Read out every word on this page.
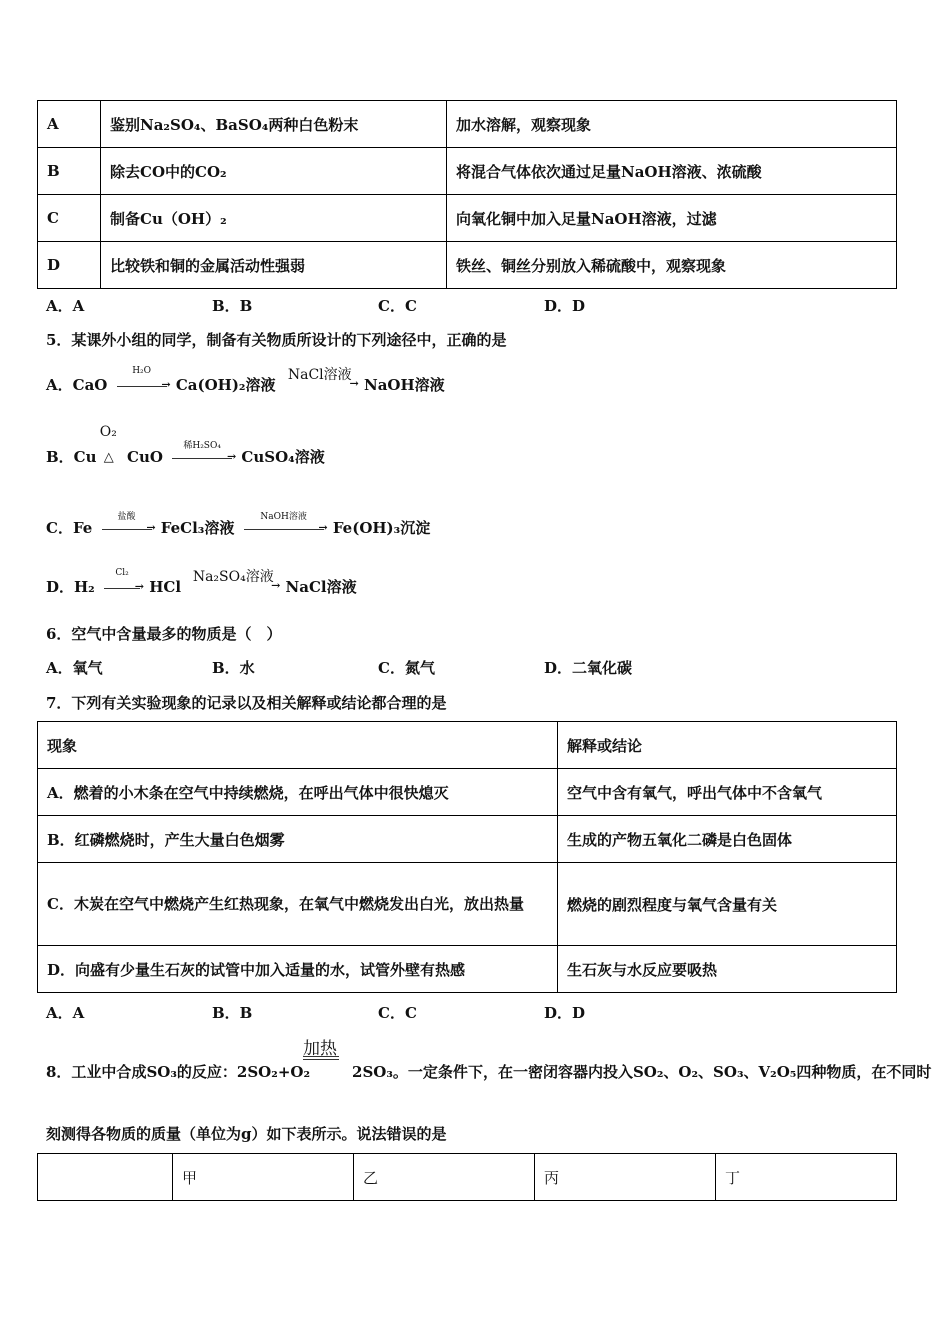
A	鉴别Na₂SO₄、BaSO₄两种白色粉末	加水溶解，观察现象
B	除去CO中的CO₂	将混合气体依次通过足量NaOH溶液、浓硫酸
C	制备Cu（OH）₂	向氧化铜中加入足量NaOH溶液，过滤
D	比较铁和铜的金属活动性强弱	铁丝、铜丝分别放入稀硫酸中，观察现象
A．A	B．B	C．C	D．D
5．某课外小组的同学，制备有关物质所设计的下列途径中，正确的是
A．CaO
H₂O
→
Ca(OH)₂溶液
NaCl溶液
NaOH溶液
B．Cu
O₂
△ CuO
稀H₂SO₄
→
CuSO₄溶液
C．Fe
盐酸
→
FeCl₃溶液
NaOH溶液
→
Fe(OH)₃沉淀
D．H₂
Cl₂
→
HCl
Na₂SO₄溶液
NaCl溶液
6．空气中含量最多的物质是（　）
A．氧气	B．水	C．氮气	D．二氧化碳
7．下列有关实验现象的记录以及相关解释或结论都合理的是
现象	解释或结论
A．燃着的小木条在空气中持续燃烧，在呼出气体中很快熄灭	空气中含有氧气，呼出气体中不含氧气
B．红磷燃烧时，产生大量白色烟雾	生成的产物五氧化二磷是白色固体
C．木炭在空气中燃烧产生红热现象，在氧气中燃烧发出白光，放出热量	燃烧的剧烈程度与氧气含量有关
D．向盛有少量生石灰的试管中加入适量的水，试管外壁有热感	生石灰与水反应要吸热
A．A	B．B	C．C	D．D
加热
8．工业中合成SO₃的反应：2SO₂+O₂	2SO₃。一定条件下，在一密闭容器内投入SO₂、O₂、SO₃、V₂O₅四种物质，在不同时
刻测得各物质的质量（单位为g）如下表所示。说法错误的是
	甲	乙	丙	丁
